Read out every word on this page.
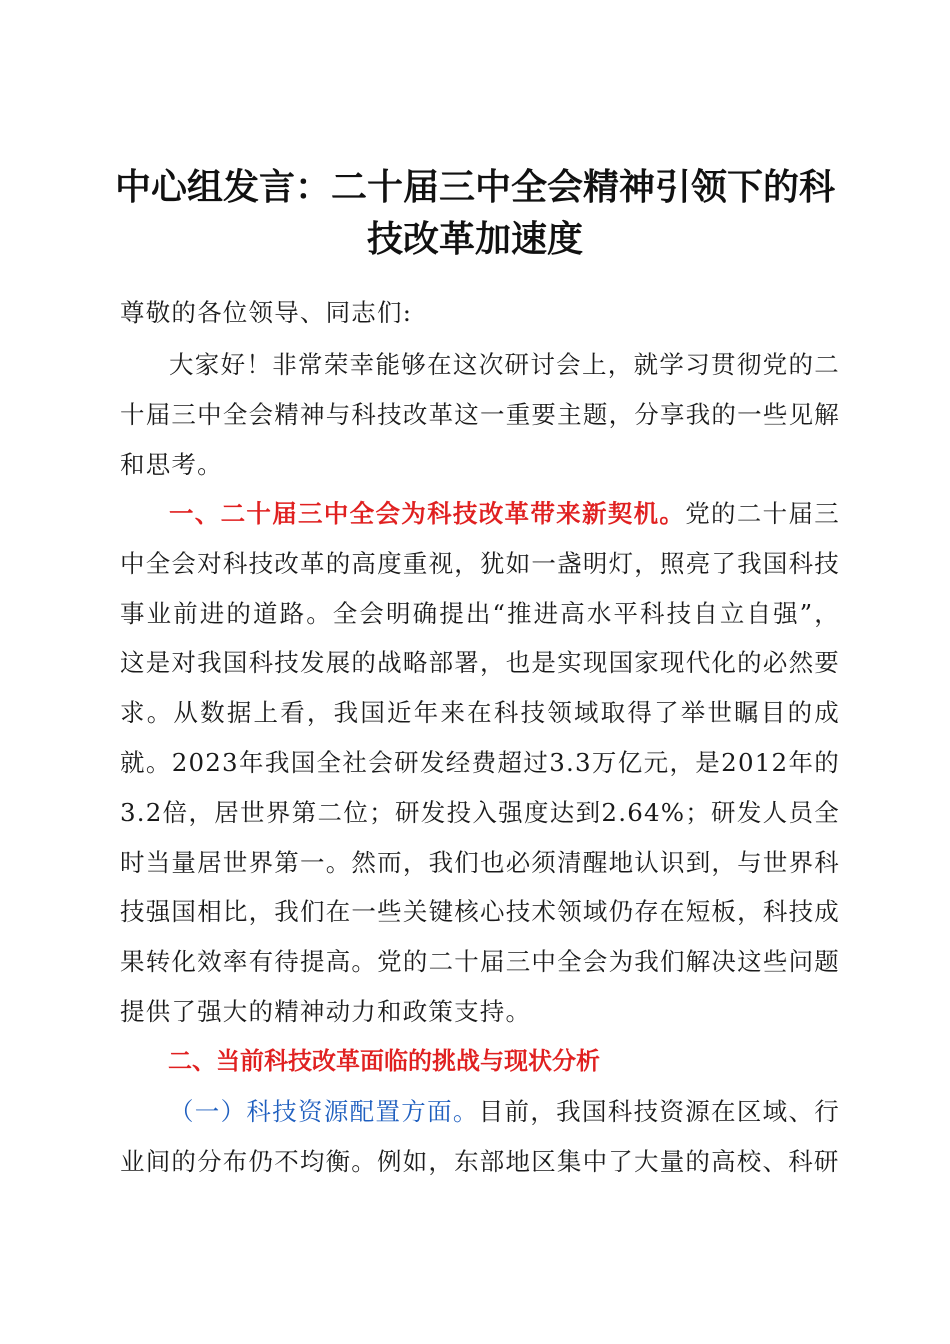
中心组发言：二十届三中全会精神引领下的科
技改革加速度
尊敬的各位领导、同志们:
大家好！非常荣幸能够在这次研讨会上，就学习贯彻党的二十届三中全会精神与科技改革这一重要主题，分享我的一些见解和思考。
一、二十届三中全会为科技改革带来新契机。党的二十届三中全会对科技改革的高度重视，犹如一盏明灯，照亮了我国科技事业前进的道路。全会明确提出“推进高水平科技自立自强”，这是对我国科技发展的战略部署，也是实现国家现代化的必然要求。从数据上看，我国近年来在科技领域取得了举世瞩目的成就。2023年我国全社会研发经费超过3.3万亿元，是2012年的3.2倍，居世界第二位；研发投入强度达到2.64%；研发人员全时当量居世界第一。然而，我们也必须清醒地认识到，与世界科技强国相比，我们在一些关键核心技术领域仍存在短板，科技成果转化效率有待提高。党的二十届三中全会为我们解决这些问题提供了强大的精神动力和政策支持。
二、当前科技改革面临的挑战与现状分析
（一）科技资源配置方面。目前，我国科技资源在区域、行业间的分布仍不均衡。例如，东部地区集中了大量的高校、科研
